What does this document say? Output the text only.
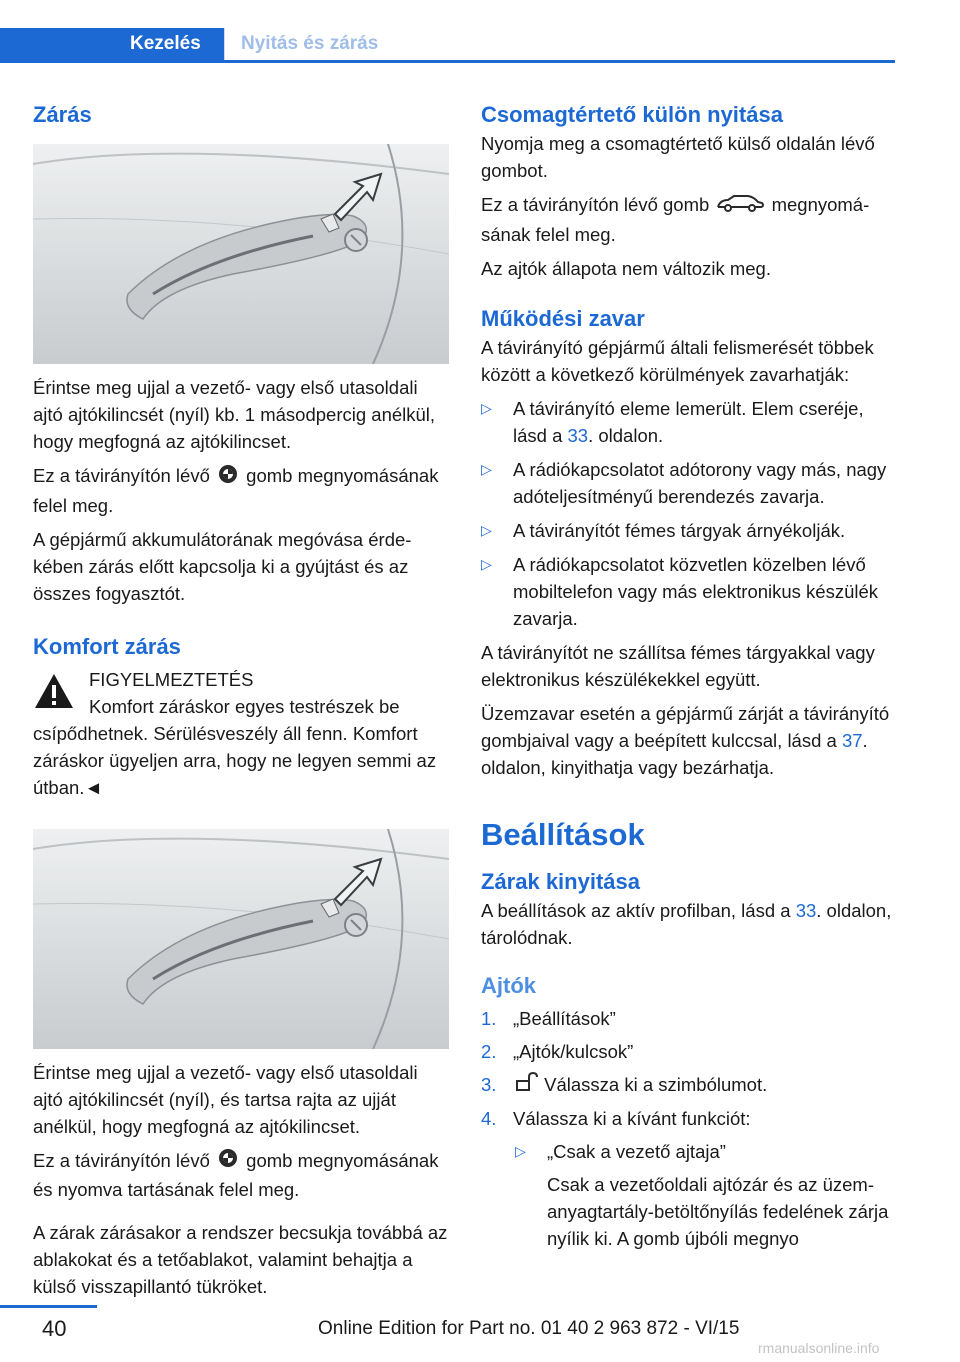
Kezelés Nyitás és zárás
Zárás

Érintse meg ujjal a vezető- vagy első utasoldali ajtó ajtókilincsét (nyíl) kb. 1 másodpercig anélkül, hogy megfogná az ajtókilincset.

Ez a távirányítón lévő gomb megnyomásának felel meg.

A gépjármű akkumulátorának megóvása érdekében zárás előtt kapcsolja ki a gyújtást és az összes fogyasztót.

Komfort zárás

FIGYELMEZTETÉS

Komfort záráskor egyes testrészek be

csípődhetnek. Sérülésveszély áll fenn. Komfort záráskor ügyeljen arra, hogy ne legyen semmi az útban.◄

Érintse meg ujjal a vezető- vagy első utasoldali ajtó ajtókilincsét (nyíl), és tartsa rajta az ujját anélkül, hogy megfogná az ajtókilincset.

Ez a távirányítón lévő gomb megnyomásának és nyomva tartásának felel meg.

A zárak zárásakor a rendszer becsukja továbbá az ablakokat és a tetőablakot, valamint behajtja a külső visszapillantó tükröket.

Csomagtértető külön nyitása

Nyomja meg a csomagtértető külső oldalán lévő gombot.

Ez a távirányítón lévő gomb	megnyomásának felel meg.

Az ajtók állapota nem változik meg.

Működési zavar

A távirányító gépjármű általi felismerését többek között a következő körülmények zavarhatják:

▷ A távirányító eleme lemerült. Elem cseréje, lásd a 33. oldalon.
▷ A rádiókapcsolatot adótorony vagy más, nagy adóteljesítményű berendezés zavarja.
▷ A távirányítót fémes tárgyak árnyékolják.
▷ A rádiókapcsolatot közvetlen közelben lévő mobiltelefon vagy más elektronikus készülék zavarja.

A távirányítót ne szállítsa fémes tárgyakkal vagy elektronikus készülékekkel együtt.

Üzemzavar esetén a gépjármű zárját a távirányító gombjaival vagy a beépített kulccsal, lásd a 37. oldalon, kinyithatja vagy bezárhatja.

Beállítások
Zárak kinyitása

A beállítások az aktív profilban, lásd a 33. oldalon, tárolódnak.

Ajtók
1. „Beállítások”
2. „Ajtók/kulcsok”
3.	Válassza ki a szimbólumot.
4. Válassza ki a kívánt funkciót:
▷ „Csak a vezető ajtaja”

Csak a vezetőoldali ajtózár és az üzemanyagtartály-betöltőnyílás fedelének zárja nyílik ki. A gomb újbóli megnyo

40	Online Edition for Part no. 01 40 2 963 872 - VI/15
rmanualsonline.info
